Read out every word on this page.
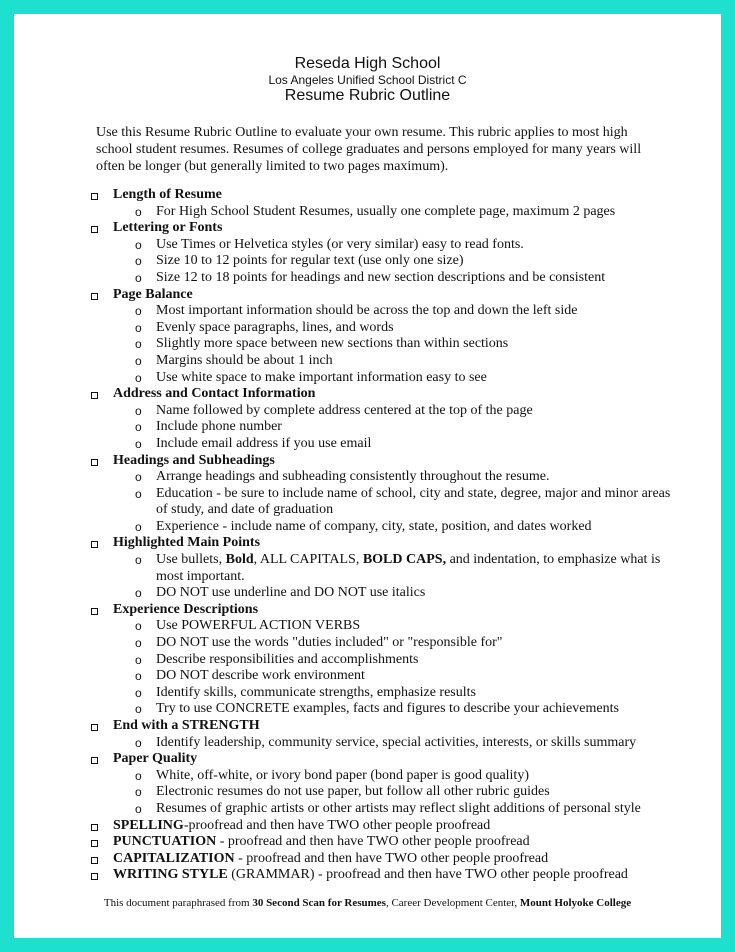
Reseda High School
Los Angeles Unified School District C
Resume Rubric Outline
Use this Resume Rubric Outline to evaluate your own resume. This rubric applies to most high school student resumes. Resumes of college graduates and persons employed for many years will often be longer (but generally limited to two pages maximum).
Length of Resume
o For High School Student Resumes, usually one complete page, maximum 2 pages
Lettering or Fonts
o Use Times or Helvetica styles (or very similar) easy to read fonts.
o Size 10 to 12 points for regular text (use only one size)
o Size 12 to 18 points for headings and new section descriptions and be consistent
Page Balance
o Most important information should be across the top and down the left side
o Evenly space paragraphs, lines, and words
o Slightly more space between new sections than within sections
o Margins should be about 1 inch
o Use white space to make important information easy to see
Address and Contact Information
o Name followed by complete address centered at the top of the page
o Include phone number
o Include email address if you use email
Headings and Subheadings
o Arrange headings and subheading consistently throughout the resume.
o Education - be sure to include name of school, city and state, degree, major and minor areas of study, and date of graduation
o Experience - include name of company, city, state, position, and dates worked
Highlighted Main Points
o Use bullets, Bold, ALL CAPITALS, BOLD CAPS, and indentation, to emphasize what is most important.
o DO NOT use underline and DO NOT use italics
Experience Descriptions
o Use POWERFUL ACTION VERBS
o DO NOT use the words "duties included" or "responsible for"
o Describe responsibilities and accomplishments
o DO NOT describe work environment
o Identify skills, communicate strengths, emphasize results
o Try to use CONCRETE examples, facts and figures to describe your achievements
End with a STRENGTH
o Identify leadership, community service, special activities, interests, or skills summary
Paper Quality
o White, off-white, or ivory bond paper (bond paper is good quality)
o Electronic resumes do not use paper, but follow all other rubric guides
o Resumes of graphic artists or other artists may reflect slight additions of personal style
SPELLING-proofread and then have TWO other people proofread
PUNCTUATION - proofread and then have TWO other people proofread
CAPITALIZATION - proofread and then have TWO other people proofread
WRITING STYLE (GRAMMAR) - proofread and then have TWO other people proofread
This document paraphrased from 30 Second Scan for Resumes, Career Development Center, Mount Holyoke College
